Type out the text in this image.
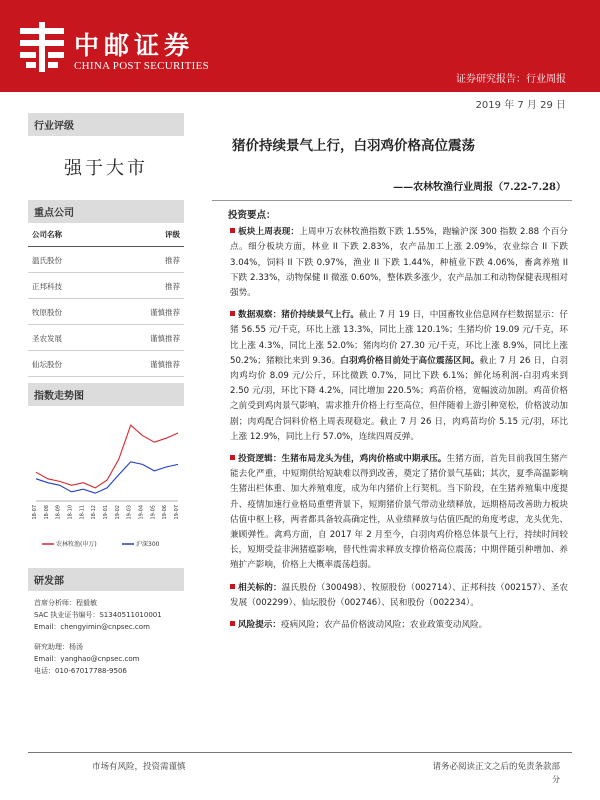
中邮证券
CHINA POST SECURITIES
证券研究报告：行业周报
2019 年 7 月 29 日
行业评级
强于大市
重点公司
公司名称	评级
温氏股份	推荐
正邦科技	推荐
牧原股份	谨慎推荐
圣农发展	谨慎推荐
仙坛股份	谨慎推荐
指数走势图
18-07 18-08 18-09 18-10 18-11 18-12 19-01 19-02 19-03 19-04 19-05 19-06 19-07
农林牧渔(申万)	沪深300
研发部
首席分析师：程毅敏
SAC 执业证书编号：S1340511010001
Email：chengyimin@cnpsec.com
研究助理：杨汤
Email：yanghao@cnpsec.com
电话：010-67017788-9506
猪价持续景气上行，白羽鸡价格高位震荡
——农林牧渔行业周报（7.22-7.28）
投资要点：

板块上周表现：上周申万农林牧渔指数下跌 1.55%，跑输沪深 300 指数 2.88 个百分点。细分板块方面，林业 II 下跌 2.83%，农产品加工上涨 2.09%，农业综合 II 下跌 3.04%，饲料 II 下跌 0.97%，渔业 II 下跌 1.44%，种植业下跌 4.06%，畜禽养殖 II 下跌 2.33%，动物保健 II 微涨 0.60%，整体跌多涨少，农产品加工和动物保健表现相对强势。

数据观察：猪价持续景气上行。截止 7 月 19 日，中国畜牧业信息网存栏数据显示：仔猪 56.55 元/千克，环比上涨 13.3%，同比上涨 120.1%；生猪均价 19.09 元/千克，环比上涨 4.3%，同比上涨 52.0%；猪肉均价 27.30 元/千克，环比上涨 8.9%，同比上涨 50.2%；猪粮比来到 9.36。白羽鸡价格目前处于高位震荡区间。截止 7 月 26 日，白羽肉鸡均价 8.09 元/公斤，环比微跌 0.7%，同比下跌 6.1%；鲜化场利润-白羽鸡来到 2.50 元/羽，环比下降 4.2%，同比增加 220.5%；鸡苗价格，宽幅波动加剧。鸡苗价格之前受到鸡肉景气影响，需求推升价格上行至高位，但伴随着上游引种宽松，价格波动加剧；肉鸡配合饲料价格上周表现稳定。截止 7 月 26 日，肉鸡苗均价 5.15 元/羽，环比上涨 12.9%，同比上行 57.0%，连续四周反弹。

投资逻辑：生猪布局龙头为佳，鸡肉价格或中期承压。生猪方面，首先目前我国生猪产能去化严重，中短期供给短缺难以得到改善，奠定了猪价景气基础；其次，夏季高温影响生猪出栏体重、加大养殖难度，成为年内猪价上行契机。当下阶段，在生猪养殖集中度提升、疫情加速行业格局重塑背景下，短期猪价景气带动业绩释放，远期格局改善助力板块估值中枢上移，两者都具备较高确定性，从业绩释放与估值匹配的角度考虑，龙头优先、兼顾弹性。禽鸡方面，自 2017 年 2 月至今，白羽肉鸡价格总体景气上行，持续时间较长，短期受益非洲猪瘟影响，替代性需求释放支撑价格高位震荡；中期伴随引种增加、养殖扩产影响，价格上大概率震荡趋弱。

相关标的：温氏股份（300498）、牧原股份（002714）、正邦科技（002157）、圣农发展（002299）、仙坛股份（002746）、民和股份（002234）。

风险提示：疫病风险；农产品价格波动风险；农业政策变动风险。

市场有风险，投资需谨慎	请务必阅读正文之后的免责条款部
分
